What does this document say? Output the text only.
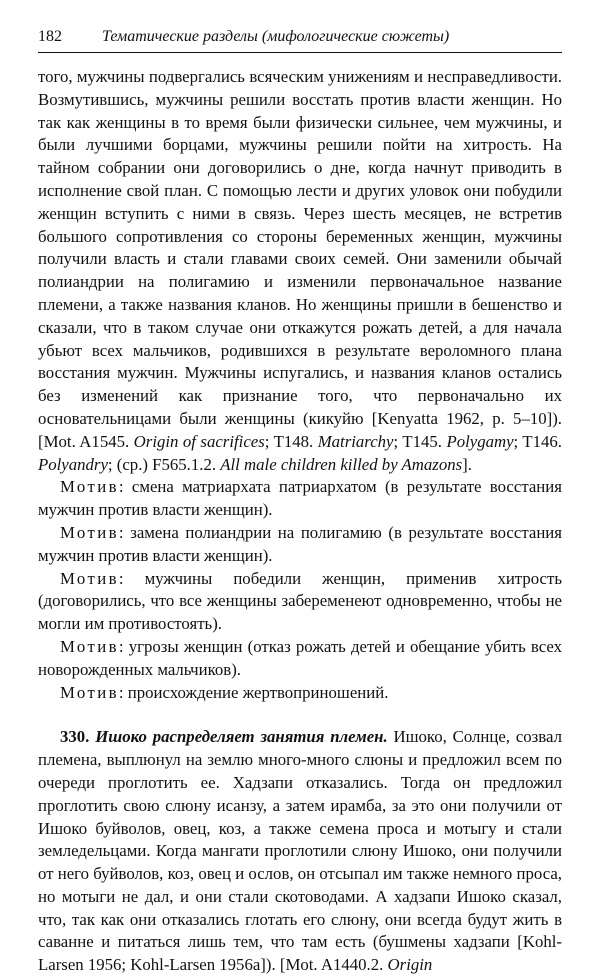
182	Тематические разделы (мифологические сюжеты)

того, мужчины подвергались всяческим унижениям и несправедливости. Возмутившись, мужчины решили восстать против власти женщин. Но так как женщины в то время были физически сильнее, чем мужчины, и были лучшими борцами, мужчины решили пойти на хитрость. На тайном собрании они договорились о дне, когда начнут приводить в исполнение свой план. С помощью лести и других уловок они побудили женщин вступить с ними в связь. Через шесть месяцев, не встретив большого сопротивления со стороны беременных женщин, мужчины получили власть и стали главами своих семей. Они заменили обычай полиандрии на полигамию и изменили первоначальное название племени, а также названия кланов. Но женщины пришли в бешенство и сказали, что в таком случае они откажутся рожать детей, а для начала убьют всех мальчиков, родившихся в результате вероломного плана восстания мужчин. Мужчины испугались, и названия кланов остались без изменений как признание того, что первоначально их основательницами были женщины (кикуйю [Kenyatta 1962, p. 5–10]). [Mot. A1545. Origin of sacrifices; T148. Matriarchy; T145. Polygamy; T146. Polyandry; (ср.) F565.1.2. All male children killed by Amazons].

Мотив: смена матриархата патриархатом (в результате восстания мужчин против власти женщин).

Мотив: замена полиандрии на полигамию (в результате восстания мужчин против власти женщин).

Мотив: мужчины победили женщин, применив хитрость (договорились, что все женщины забеременеют одновременно, чтобы не могли им противостоять).

Мотив: угрозы женщин (отказ рожать детей и обещание убить всех новорожденных мальчиков).

Мотив: происхождение жертвоприношений.

330. Ишоко распределяет занятия племен. Ишоко, Солнце, созвал племена, выплюнул на землю много-много слюны и предложил всем по очереди проглотить ее. Хадзапи отказались. Тогда он предложил проглотить свою слюну исанзу, а затем ирамба, за это они получили от Ишоко буйволов, овец, коз, а также семена проса и мотыгу и стали земледельцами. Когда мангати проглотили слюну Ишоко, они получили от него буйволов, коз, овец и ослов, он отсыпал им также немного проса, но мотыги не дал, и они стали скотоводами. А хадзапи Ишоко сказал, что, так как они отказались глотать его слюну, они всегда будут жить в саванне и питаться лишь тем, что там есть (бушмены хадзапи [Kohl-Larsen 1956; Kohl-Larsen 1956a]). [Mot. A1440.2. Origin
